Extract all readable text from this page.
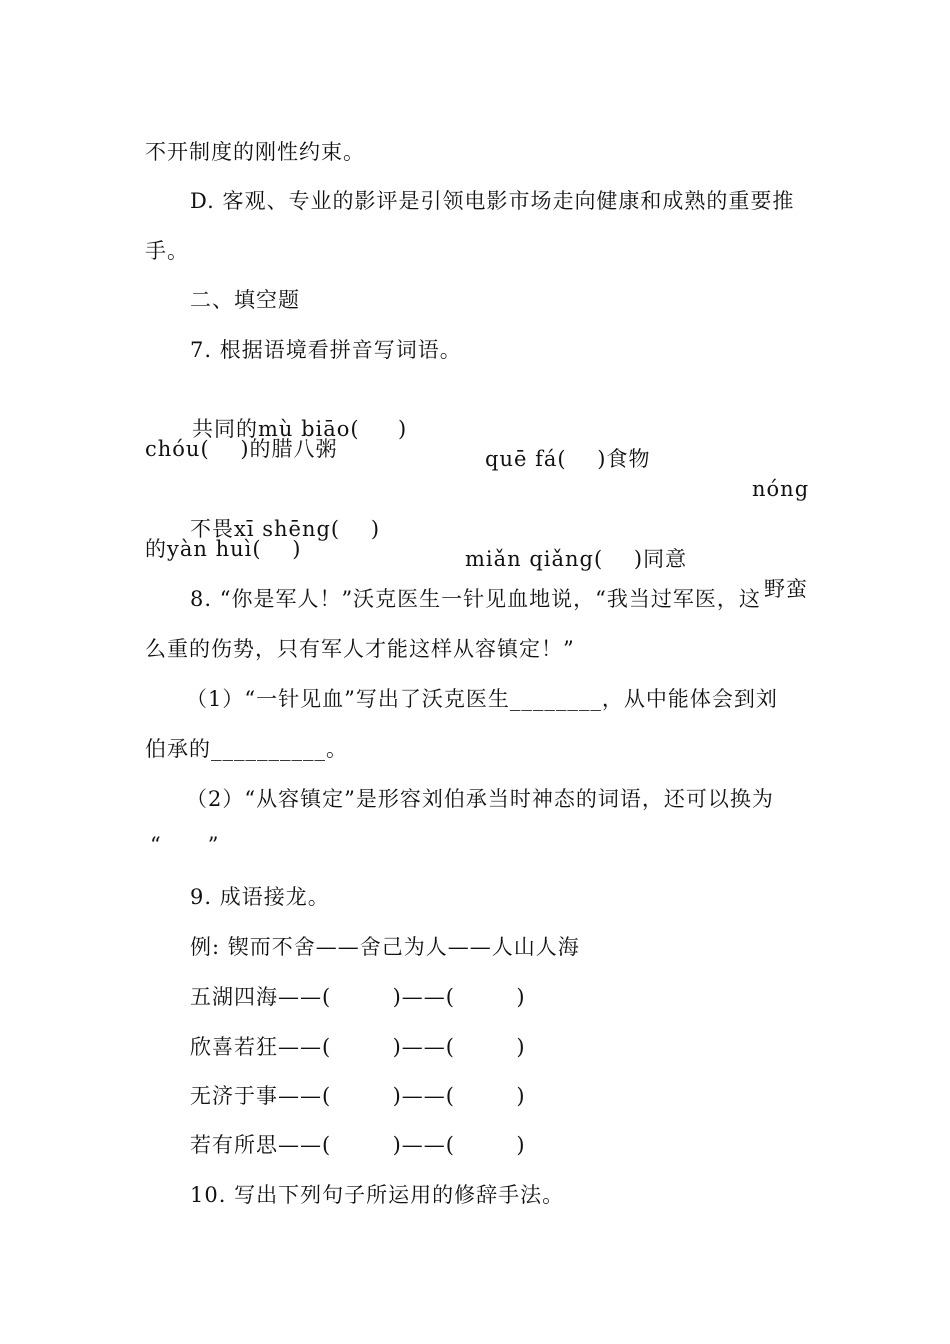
不开制度的刚性约束。
D. 客观、专业的影评是引领电影市场走向健康和成熟的重要推
手。
二、填空题
7. 根据语境看拼音写词语。

共同的mù biāo(     )

quē fá(    )食物

nóng

chóu(    )的腊八粥

不畏xī shēng(    )

miǎn qiǎng(    )同意

野蛮

的yàn huì(    )
8. “你是军人！”沃克医生一针见血地说，“我当过军医，这
么重的伤势，只有军人才能这样从容镇定！”
（1）“一针见血”写出了沃克医生________，从中能体会到刘
伯承的__________。
（2）“从容镇定”是形容刘伯承当时神态的词语，还可以换为
“      ”
9. 成语接龙。
例: 锲而不舍——舍己为人——人山人海
五湖四海——(        )——(        )
欣喜若狂——(        )——(        )
无济于事——(        )——(        )
若有所思——(        )——(        )
10. 写出下列句子所运用的修辞手法。
